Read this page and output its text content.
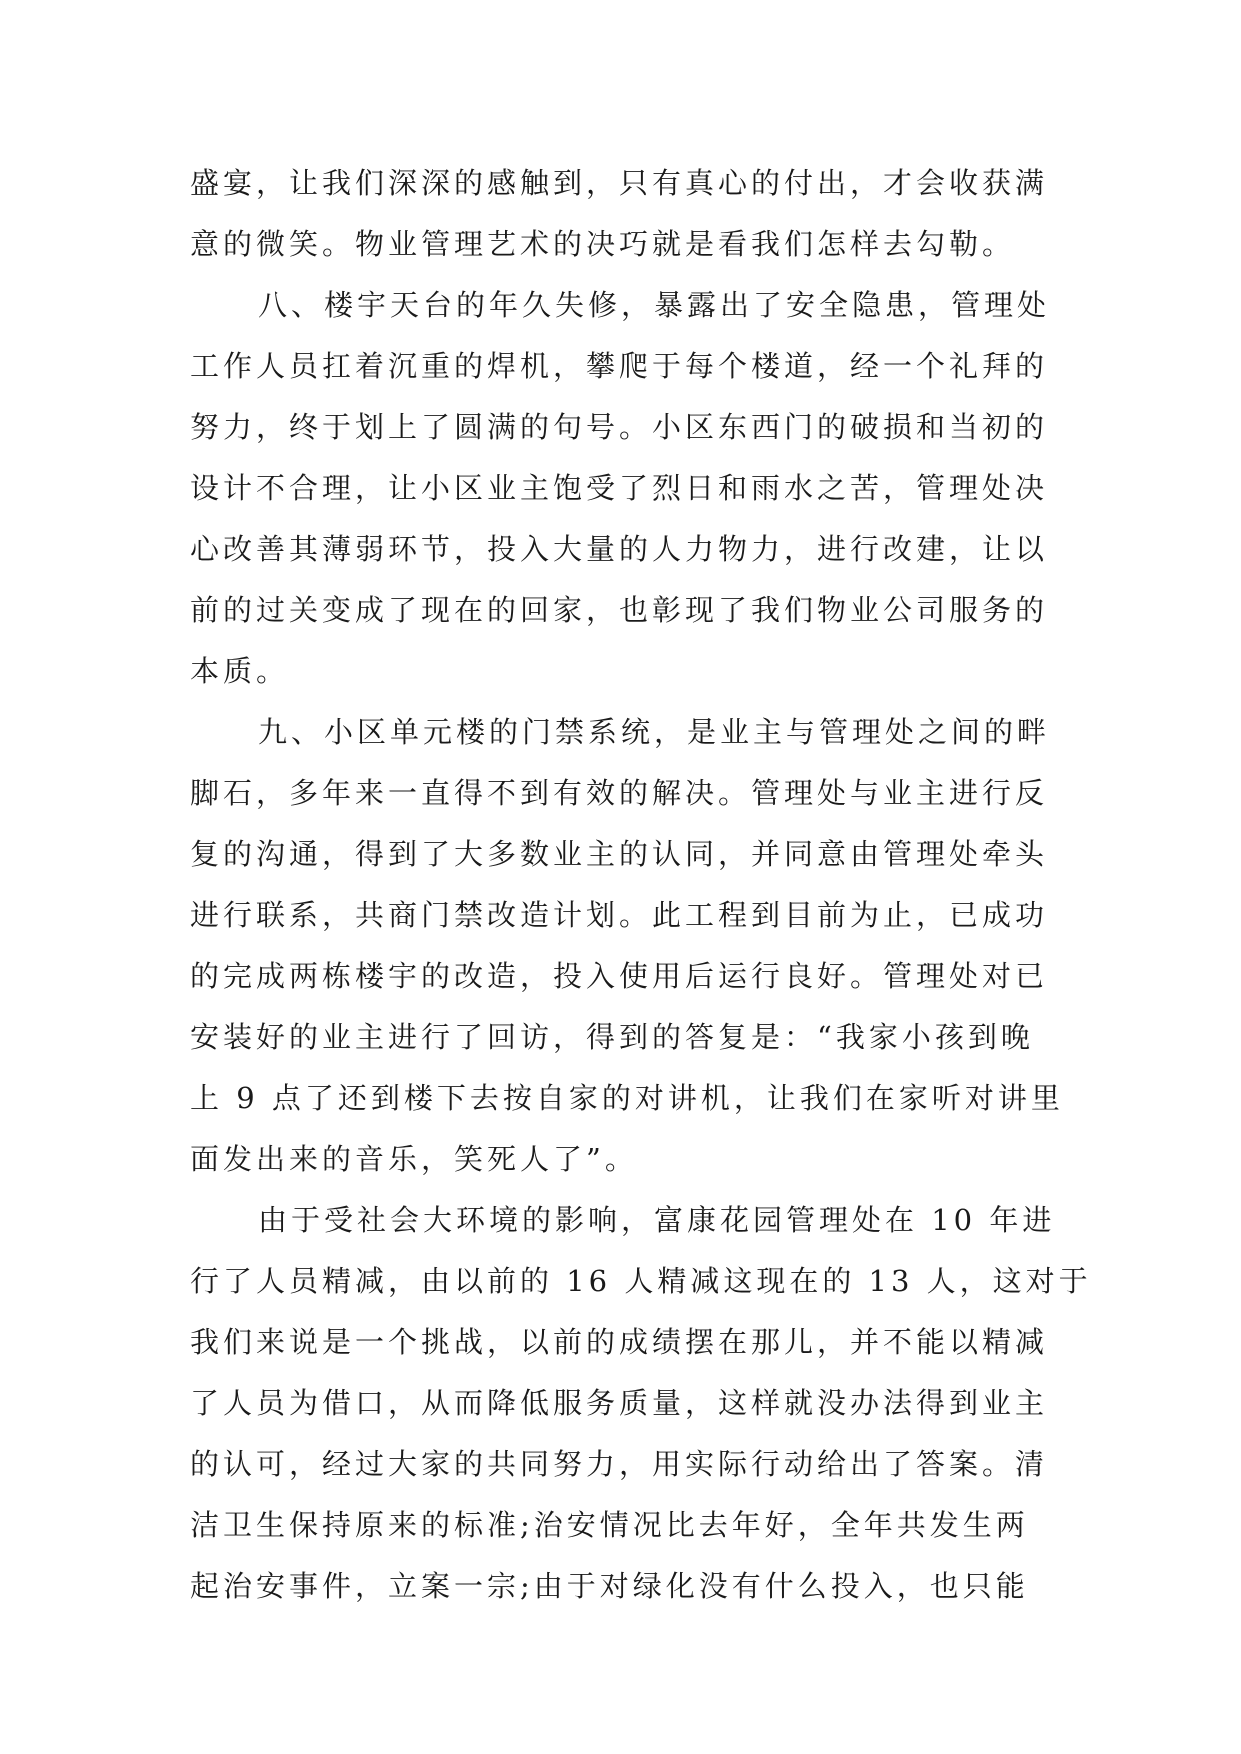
盛宴，让我们深深的感触到，只有真心的付出，才会收获满
意的微笑。物业管理艺术的决巧就是看我们怎样去勾勒。

八、楼宇天台的年久失修，暴露出了安全隐患，管理处
工作人员扛着沉重的焊机，攀爬于每个楼道，经一个礼拜的
努力，终于划上了圆满的句号。小区东西门的破损和当初的
设计不合理，让小区业主饱受了烈日和雨水之苦，管理处决
心改善其薄弱环节，投入大量的人力物力，进行改建，让以
前的过关变成了现在的回家，也彰现了我们物业公司服务的
本质。

九、小区单元楼的门禁系统，是业主与管理处之间的畔
脚石，多年来一直得不到有效的解决。管理处与业主进行反
复的沟通，得到了大多数业主的认同，并同意由管理处牵头
进行联系，共商门禁改造计划。此工程到目前为止，已成功
的完成两栋楼宇的改造，投入使用后运行良好。管理处对已
安装好的业主进行了回访，得到的答复是：“我家小孩到晚
上 9 点了还到楼下去按自家的对讲机，让我们在家听对讲里
面发出来的音乐，笑死人了”。

由于受社会大环境的影响，富康花园管理处在 10 年进
行了人员精减，由以前的 16 人精减这现在的 13 人，这对于
我们来说是一个挑战，以前的成绩摆在那儿，并不能以精减
了人员为借口，从而降低服务质量，这样就没办法得到业主
的认可，经过大家的共同努力，用实际行动给出了答案。清
洁卫生保持原来的标准;治安情况比去年好，全年共发生两
起治安事件，立案一宗;由于对绿化没有什么投入，也只能
